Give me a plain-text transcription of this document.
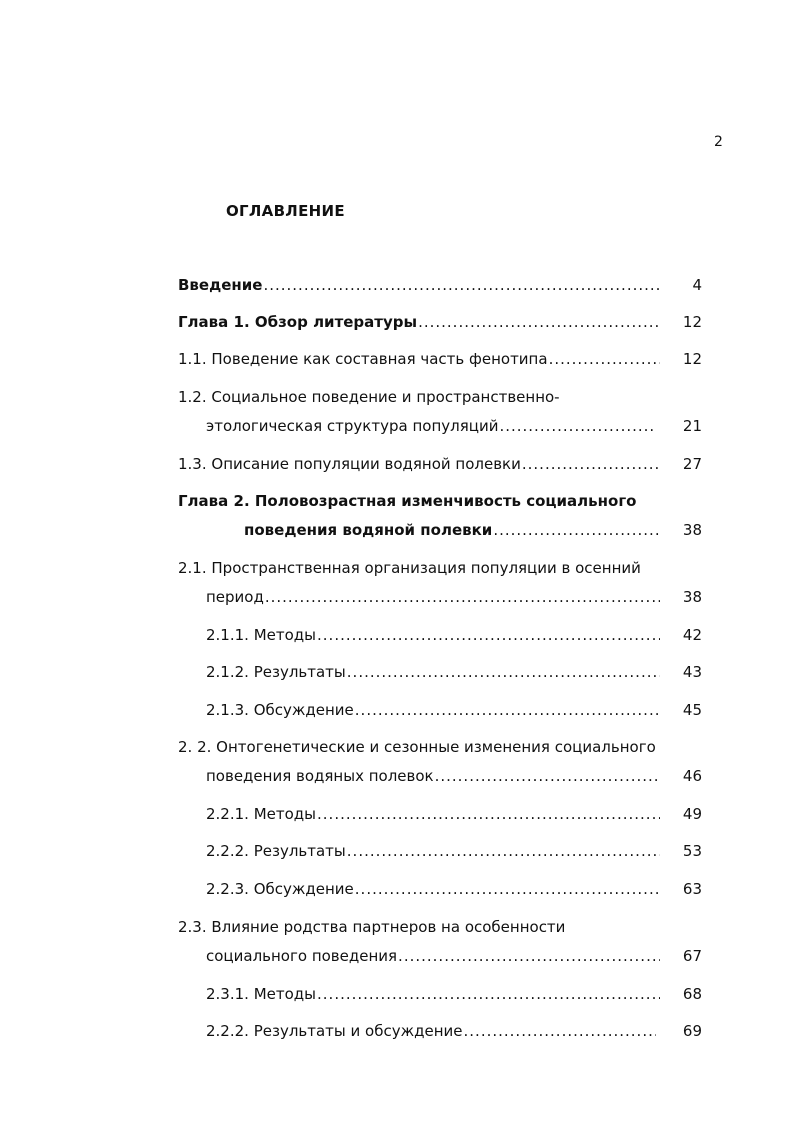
2
ОГЛАВЛЕНИЕ
Введение .....	4
Глава 1. Обзор литературы .....	12
1.1. Поведение как составная часть фенотипа .....	12
1.2. Социальное поведение и пространственно-
этологическая структура популяций .....	21
1.3. Описание популяции водяной полевки .....	27
Глава 2. Половозрастная изменчивость социального
поведения водяной полевки .....	38
2.1. Пространственная организация популяции в осенний
период .....	38
2.1.1. Методы .....	42
2.1.2. Результаты .....	43
2.1.3. Обсуждение .....	45
2. 2. Онтогенетические и сезонные изменения социального
поведения водяных полевок .....	46
2.2.1. Методы .....	49
2.2.2. Результаты .....	53
2.2.3. Обсуждение .....	63
2.3. Влияние родства партнеров на особенности
социального поведения .....	67
2.3.1. Методы .....	68
2.2.2. Результаты и обсуждение .....	69
